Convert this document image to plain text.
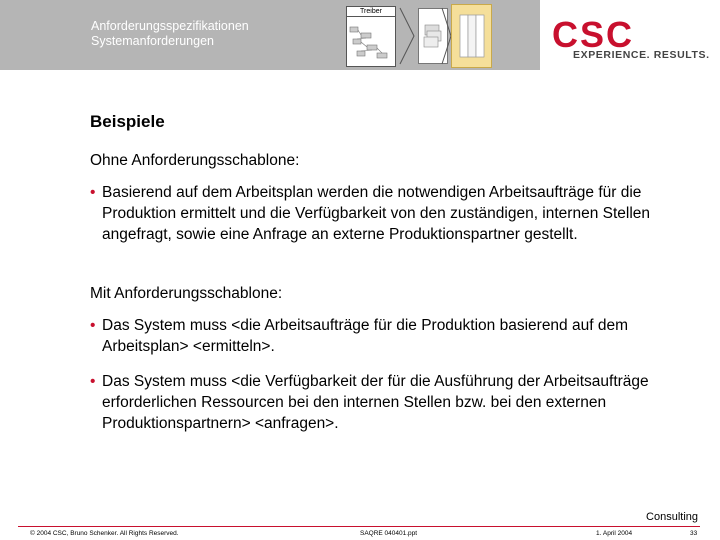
Anforderungsspezifikationen
Systemanforderungen
Treiber
CSC
EXPERIENCE. RESULTS.
Beispiele
Ohne Anforderungsschablone:
• Basierend auf dem Arbeitsplan werden die notwendigen Arbeitsaufträge für die Produktion ermittelt und die Verfügbarkeit von den zuständigen, internen Stellen angefragt, sowie eine Anfrage an externe Produktionspartner gestellt.
Mit Anforderungsschablone:
• Das System muss <die Arbeitsaufträge für die Produktion basierend auf dem Arbeitsplan> <ermitteln>.
• Das System muss <die Verfügbarkeit der für die Ausführung der Arbeitsaufträge erforderlichen Ressourcen bei den internen Stellen bzw. bei den externen Produktionspartnern> <anfragen>.
Consulting
© 2004 CSC, Bruno Schenker. All Rights Reserved.	SAQRE 040401.ppt	1. April 2004	33
